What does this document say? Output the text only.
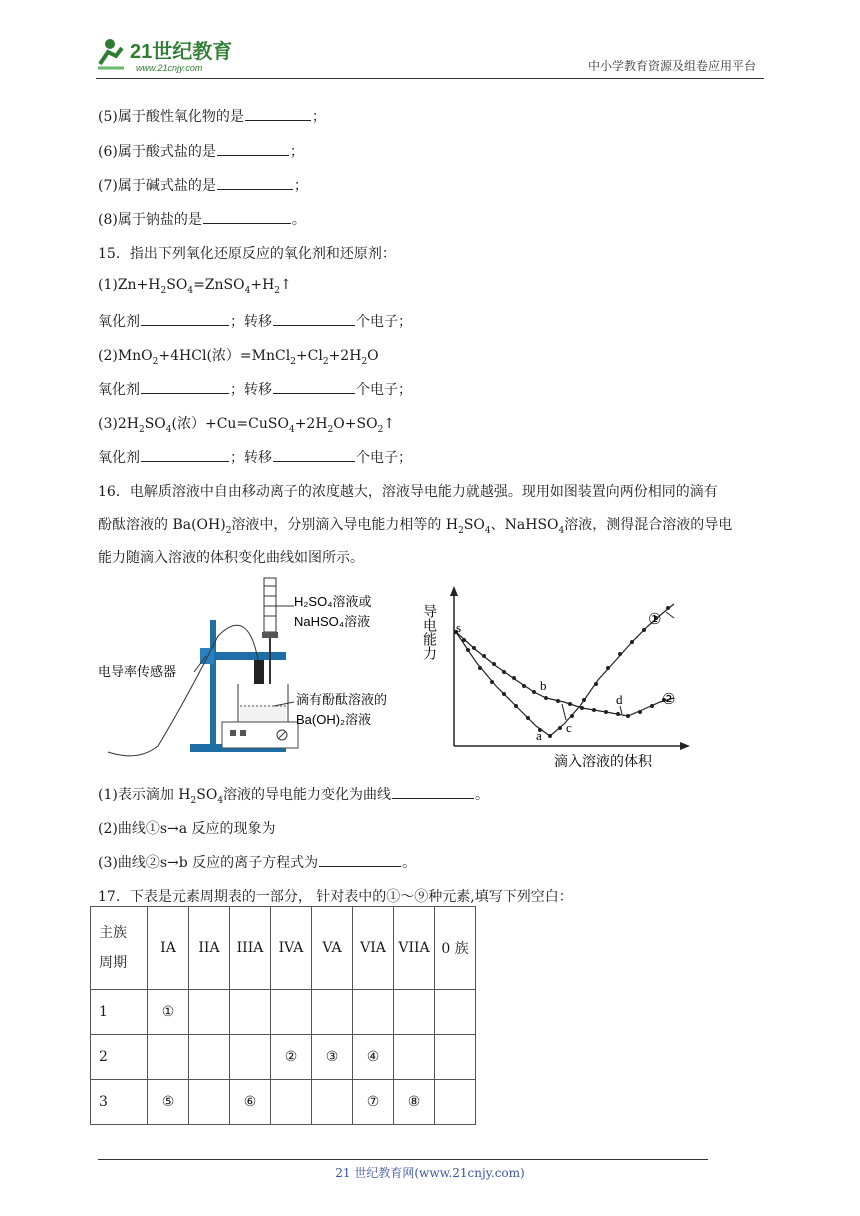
21世纪教育
www.21cnjy.com	中小学教育资源及组卷应用平台
(5)属于酸性氧化物的是	；
(6)属于酸式盐的是	；
(7)属于碱式盐的是	；
(8)属于钠盐的是	。
15．指出下列氧化还原反应的氧化剂和还原剂：
$(1)Zn+H_2SO_4=ZnSO_4+H_2↑$
氧化剂	；转移	个电子；
(2)MnO$_2$+4HCl(浓）$=MnCl_2+Cl_2+2H_2O$
氧化剂	；转移	个电子；
$(3)2H_2SO_4$(浓）$+Cu=CuSO_4+2H_2O+SO_2↑$
氧化剂	；转移	个电子；
16．电解质溶液中自由移动离子的浓度越大，溶液导电能力就越强。现用如图装置向两份相同的滴有
酚酞溶液的 $Ba(OH)_2$溶液中，分别滴入导电能力相等的 $H_2SO_4$、NaHSO$_4$溶液，测得混合溶液的导电
能力随滴入溶液的体积变化曲线如图所示。
H₂SO₄溶液或
NaHSO₄溶液
电导率传感器
滴有酚酞溶液的
Ba(OH)₂溶液
导电能力 s
a
b
c
d
①
②
滴入溶液的体积
(1)表示滴加 $H_2SO_4$溶液的导电能力变化为曲线	。
(2)曲线①s→a 反应的现象为
(3)曲线②s→b 反应的离子方程式为	。
17．下表是元素周期表的一部分， 针对表中的①～⑨种元素,填写下列空白：
主族
周期	IA	IIA	IIIA	IVA	VA	VIA	VIIA	0 族
1	①							
2				②	③	④		
3	⑤		⑥			⑦	⑧	
21 世纪教育网(www.21cnjy.com)
